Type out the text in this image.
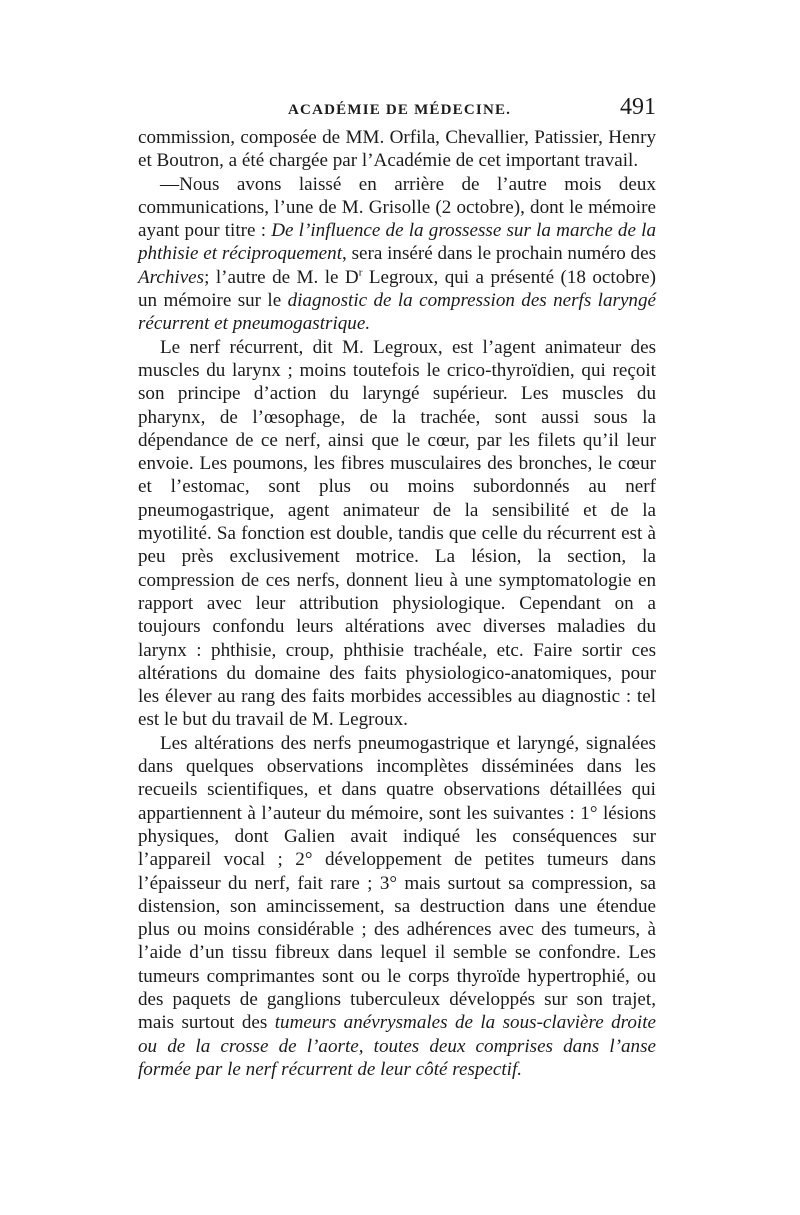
ACADÉMIE DE MÉDECINE.	491

commission, composée de MM. Orfila, Chevallier, Patissier, Henry et Boutron, a été chargée par l’Académie de cet important travail.

—Nous avons laissé en arrière de l’autre mois deux communications, l’une de M. Grisolle (2 octobre), dont le mémoire ayant pour titre : De l’influence de la grossesse sur la marche de la phthisie et réciproquement, sera inséré dans le prochain numéro des Archives; l’autre de M. le $D^r$ Legroux, qui a présenté (18 octobre) un mémoire sur le diagnostic de la compression des nerfs laryngé récurrent et pneumogastrique.

Le nerf récurrent, dit M. Legroux, est l’agent animateur des muscles du larynx ; moins toutefois le crico-thyroïdien, qui reçoit son principe d’action du laryngé supérieur. Les muscles du pharynx, de l’œsophage, de la trachée, sont aussi sous la dépendance de ce nerf, ainsi que le cœur, par les filets qu’il leur envoie. Les poumons, les fibres musculaires des bronches, le cœur et l’estomac, sont plus ou moins subordonnés au nerf pneumogastrique, agent animateur de la sensibilité et de la myotilité. Sa fonction est double, tandis que celle du récurrent est à peu près exclusivement motrice. La lésion, la section, la compression de ces nerfs, donnent lieu à une symptomatologie en rapport avec leur attribution physiologique. Cependant on a toujours confondu leurs altérations avec diverses maladies du larynx : phthisie, croup, phthisie trachéale, etc. Faire sortir ces altérations du domaine des faits physiologico-anatomiques, pour les élever au rang des faits morbides accessibles au diagnostic : tel est le but du travail de M. Legroux.

Les altérations des nerfs pneumogastrique et laryngé, signalées dans quelques observations incomplètes disséminées dans les recueils scientifiques, et dans quatre observations détaillées qui appartiennent à l’auteur du mémoire, sont les suivantes : 1° lésions physiques, dont Galien avait indiqué les conséquences sur l’appareil vocal ; 2° développement de petites tumeurs dans l’épaisseur du nerf, fait rare ; 3° mais surtout sa compression, sa distension, son amincissement, sa destruction dans une étendue plus ou moins considérable ; des adhérences avec des tumeurs, à l’aide d’un tissu fibreux dans lequel il semble se confondre. Les tumeurs comprimantes sont ou le corps thyroïde hypertrophié, ou des paquets de ganglions tuberculeux développés sur son trajet, mais surtout des tumeurs anévrysmales de la sous-clavière droite ou de la crosse de l’aorte, toutes deux comprises dans l’anse formée par le nerf récurrent de leur côté respectif.
